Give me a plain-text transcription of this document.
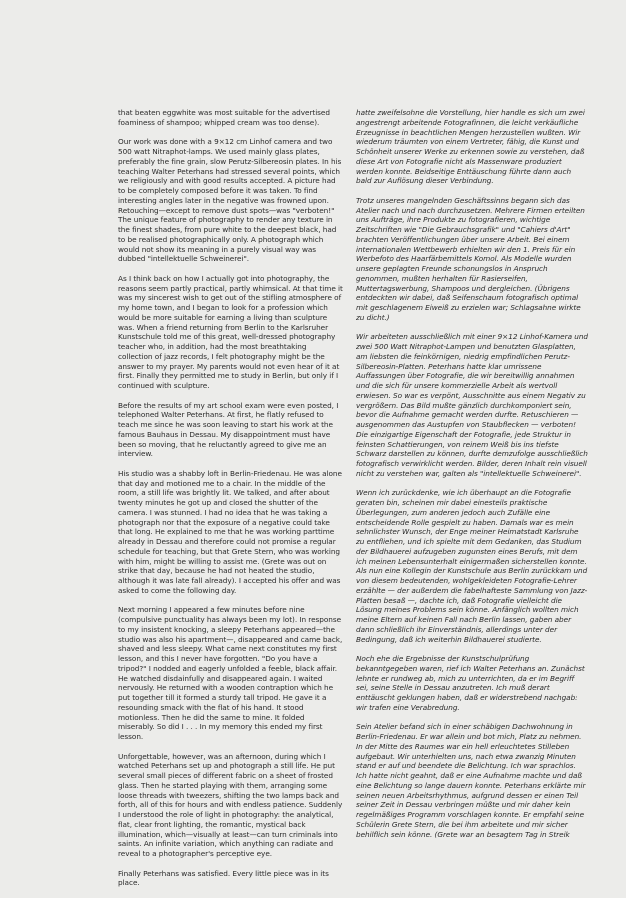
that beaten eggwhite was most suitable for the advertised foaminess of shampoo; whipped cream was too dense).

Our work was done with a 9×12 cm Linhof camera and two 500 watt Nitraphot-lamps. We used mainly glass plates, preferably the fine grain, slow Perutz-Silbereosin plates. In his teaching Walter Peterhans had stressed several points, which we religiously and with good results accepted. A picture had to be completely composed before it was taken. To find interesting angles later in the negative was frowned upon. Retouching—except to remove dust spots—was "verboten!" The unique feature of photography to render any texture in the finest shades, from pure white to the deepest black, had to be realised photographically only. A photograph which would not show its meaning in a purely visual way was dubbed "intellektuelle Schweinerei".

As I think back on how I actually got into photography, the reasons seem partly practical, partly whimsical. At that time it was my sincerest wish to get out of the stifling atmosphere of my home town, and I began to look for a profession which would be more suitable for earning a living than sculpture was. When a friend returning from Berlin to the Karlsruher Kunstschule told me of this great, well-dressed photography teacher who, in addition, had the most breathtaking collection of jazz records, I felt photography might be the answer to my prayer. My parents would not even hear of it at first. Finally they permitted me to study in Berlin, but only if I continued with sculpture.

Before the results of my art school exam were even posted, I telephoned Walter Peterhans. At first, he flatly refused to teach me since he was soon leaving to start his work at the famous Bauhaus in Dessau. My disappointment must have been so moving, that he reluctantly agreed to give me an interview.

His studio was a shabby loft in Berlin-Friedenau. He was alone that day and motioned me to a chair. In the middle of the room, a still life was brightly lit. We talked, and after about twenty minutes he got up and closed the shutter of the camera. I was stunned. I had no idea that he was taking a photograph nor that the exposure of a negative could take that long. He explained to me that he was working parttime already in Dessau and therefore could not promise a regular schedule for teaching, but that Grete Stern, who was working with him, might be willing to assist me. (Grete was out on strike that day, because he had not heated the studio, although it was late fall already). I accepted his offer and was asked to come the following day.

Next morning I appeared a few minutes before nine (compulsive punctuality has always been my lot). In response to my insistent knocking, a sleepy Peterhans appeared—the studio was also his apartment—, disappeared and came back, shaved and less sleepy. What came next constitutes my first lesson, and this I never have forgotten. "Do you have a tripod?" I nodded and eagerly unfolded a feeble, black affair. He watched disdainfully and disappeared again. I waited nervously. He returned with a wooden contraption which he put together till it formed a sturdy tall tripod. He gave it a resounding smack with the flat of his hand. It stood motionless. Then he did the same to mine. It folded miserably. So did I . . . In my memory this ended my first lesson.

Unforgettable, however, was an afternoon, during which I watched Peterhans set up and photograph a still life. He put several small pieces of different fabric on a sheet of frosted glass. Then he started playing with them, arranging some loose threads with tweezers, shifting the two lamps back and forth, all of this for hours and with endless patience. Suddenly I understood the role of light in photography: the analytical, flat, clear front lighting, the romantic, mystical back illumination, which—visually at least—can turn criminals into saints. An infinite variation, which anything can radiate and reveal to a photographer's perceptive eye.

Finally Peterhans was satisfied. Every little piece was in its place.

hatte zweifelsohne die Vorstellung, hier handle es sich um zwei angestrengt arbeitende Fotografinnen, die leicht verkäufliche Erzeugnisse in beachtlichen Mengen herzustellen wußten. Wir wiederum träumten von einem Vertreter, fähig, die Kunst und Schönheit unserer Werke zu erkennen sowie zu verstehen, daß diese Art von Fotografie nicht als Massenware produziert werden konnte. Beidseitige Enttäuschung führte dann auch bald zur Auflösung dieser Verbindung.

Trotz unseres mangelnden Geschäftssinns begann sich das Atelier nach und nach durchzusetzen. Mehrere Firmen erteilten uns Aufträge, ihre Produkte zu fotografieren, wichtige Zeitschriften wie "Die Gebrauchsgrafik" und "Cahiers d'Art" brachten Veröffentlichungen über unsere Arbeit. Bei einem internationalen Wettbewerb erhielten wir den 1. Preis für ein Werbefoto des Haarfärbemittels Komol. Als Modelle wurden unsere geplagten Freunde schonungslos in Anspruch genommen, mußten herhalten für Rasierseifen, Muttertagswerbung, Shampoos und dergleichen. (Übrigens entdeckten wir dabei, daß Seifenschaum fotografisch optimal mit geschlagenem Eiweiß zu erzielen war; Schlagsahne wirkte zu dicht.)

Wir arbeiteten ausschließlich mit einer 9×12 Linhof-Kamera und zwei 500 Watt Nitraphot-Lampen und benutzten Glasplatten, am liebsten die feinkörnigen, niedrig empfindlichen Perutz-Silbereosin-Platten. Peterhans hatte klar umrissene Auffassungen über Fotografie, die wir bereitwillig annahmen und die sich für unsere kommerzielle Arbeit als wertvoll erwiesen. So war es verpönt, Ausschnitte aus einem Negativ zu vergrößern. Das Bild mußte gänzlich durchkomponiert sein, bevor die Aufnahme gemacht werden durfte. Retuschieren — ausgenommen das Austupfen von Staubflecken — verboten! Die einzigartige Eigenschaft der Fotografie, jede Struktur in feinsten Schattierungen, von reinem Weiß bis ins tiefste Schwarz darstellen zu können, durfte demzufolge ausschließlich fotografisch verwirklicht werden. Bilder, deren Inhalt rein visuell nicht zu verstehen war, galten als "intellektuelle Schweinerei".

Wenn ich zurückdenke, wie ich überhaupt an die Fotografie geraten bin, scheinen mir dabei einesteils praktische Überlegungen, zum anderen jedoch auch Zufälle eine entscheidende Rolle gespielt zu haben. Damals war es mein sehnlichster Wunsch, der Enge meiner Heimatstadt Karlsruhe zu entfliehen, und ich spielte mit dem Gedanken, das Studium der Bildhauerei aufzugeben zugunsten eines Berufs, mit dem ich meinen Lebensunterhalt einigermaßen sicherstellen konnte. Als nun eine Kollegin der Kunstschule aus Berlin zurückkam und von diesem bedeutenden, wohlgekleideten Fotografie-Lehrer erzählte — der außerdem die fabelhafteste Sammlung von Jazz-Platten besaß —, dachte ich, daß Fotografie vielleicht die Lösung meines Problems sein könne. Anfänglich wollten mich meine Eltern auf keinen Fall nach Berlin lassen, gaben aber dann schließlich ihr Einverständnis, allerdings unter der Bedingung, daß ich weiterhin Bildhauerei studierte.

Noch ehe die Ergebnisse der Kunstschulprüfung bekanntgegeben waren, rief ich Walter Peterhans an. Zunächst lehnte er rundweg ab, mich zu unterrichten, da er im Begriff sei, seine Stelle in Dessau anzutreten. Ich muß derart enttäuscht geklungen haben, daß er widerstrebend nachgab: wir trafen eine Verabredung.

Sein Atelier befand sich in einer schäbigen Dachwohnung in Berlin-Friedenau. Er war allein und bot mich, Platz zu nehmen. In der Mitte des Raumes war ein hell erleuchtetes Stilleben aufgebaut. Wir unterhielten uns, nach etwa zwanzig Minuten stand er auf und beendete die Belichtung. Ich war sprachlos. Ich hatte nicht geahnt, daß er eine Aufnahme machte und daß eine Belichtung so lange dauern konnte. Peterhans erklärte mir seinen neuen Arbeitsrhythmus, aufgrund dessen er einen Teil seiner Zeit in Dessau verbringen müßte und mir daher kein regelmäßiges Programm vorschlagen konnte. Er empfahl seine Schülerin Grete Stern, die bei ihm arbeitete und mir sicher behilflich sein könne. (Grete war an besagtem Tag in Streik
